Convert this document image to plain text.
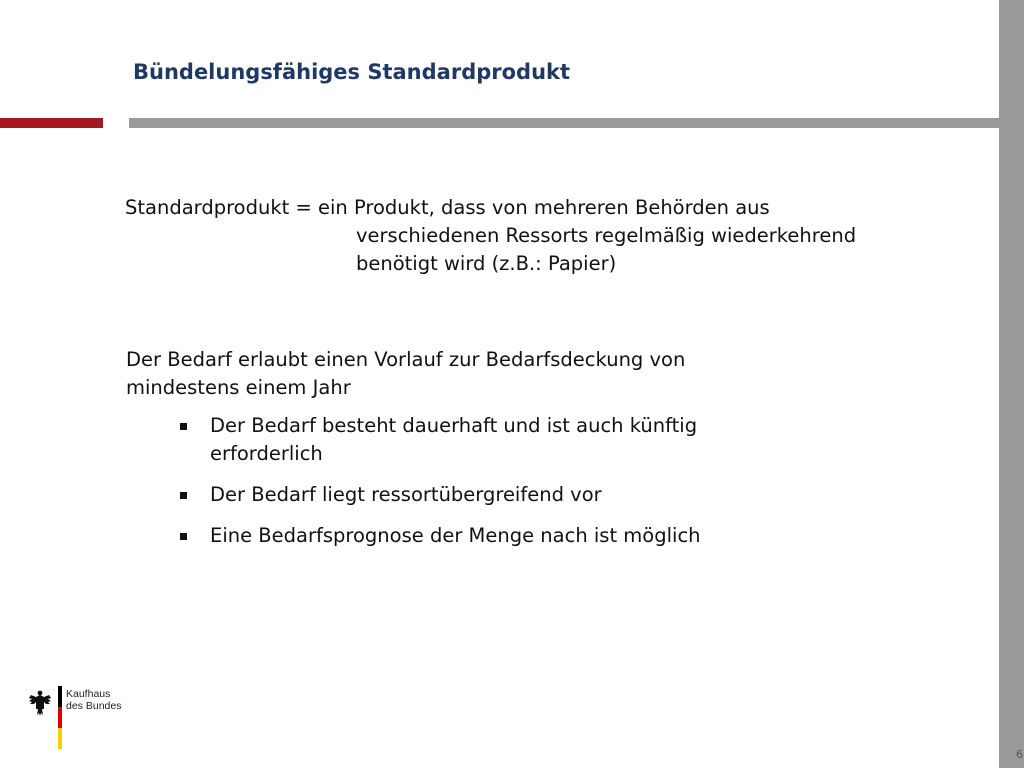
Bündelungsfähiges Standardprodukt
Standardprodukt = ein Produkt, dass von mehreren Behörden aus
verschiedenen Ressorts regelmäßig wiederkehrend
benötigt wird (z.B.: Papier)
Der Bedarf erlaubt einen Vorlauf zur Bedarfsdeckung von
mindestens einem Jahr
Der Bedarf besteht dauerhaft und ist auch künftig
erforderlich
Der Bedarf liegt ressortübergreifend vor
Eine Bedarfsprognose der Menge nach ist möglich
Kaufhaus
des Bundes
6
